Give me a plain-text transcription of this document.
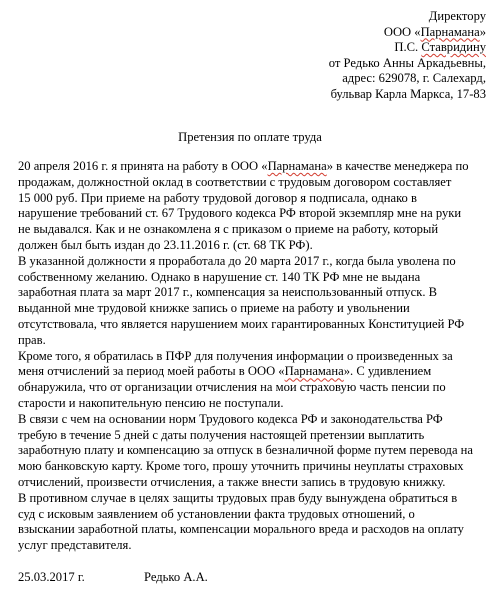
Директору
ООО «Парнамана»
П.С. Ставридину
от Редько Анны Аркадьевны,
адрес: 629078, г. Салехард,
бульвар Карла Маркса, 17-83
Претензия по оплате труда

20 апреля 2016 г. я принята на работу в ООО «Парнамана» в качестве менеджера по

продажам, должностной оклад в соответствии с трудовым договором составляет

15 000 руб. При приеме на работу трудовой договор я подписала, однако в

нарушение требований ст. 67 Трудового кодекса РФ второй экземпляр мне на руки

не выдавался. Как и не ознакомлена я с приказом о приеме на работу, который

должен был быть издан до 23.11.2016 г. (ст. 68 ТК РФ).

В указанной должности я проработала до 20 марта 2017 г., когда была уволена по

собственному желанию. Однако в нарушение ст. 140 ТК РФ мне не выдана

заработная плата за март 2017 г., компенсация за неиспользованный отпуск. В

выданной мне трудовой книжке запись о приеме на работу и увольнении

отсутствовала, что является нарушением моих гарантированных Конституцией РФ

прав.

Кроме того, я обратилась в ПФР для получения информации о произведенных за

меня отчислений за период моей работы в ООО «Парнамана». С удивлением

обнаружила, что от организации отчисления на мои страховую часть пенсии по

старости и накопительную пенсию не поступали.

В связи с чем на основании норм Трудового кодекса РФ и законодательства РФ

требую в течение 5 дней с даты получения настоящей претензии выплатить

заработную плату и компенсацию за отпуск в безналичной форме путем перевода на

мою банковскую карту. Кроме того, прошу уточнить причины неуплаты страховых

отчислений, произвести отчисления, а также внести запись в трудовую книжку.

В противном случае в целях защиты трудовых прав буду вынуждена обратиться в

суд с исковым заявлением об установлении факта трудовых отношений, о

взыскании заработной платы, компенсации морального вреда и расходов на оплату

услуг представителя.

25.03.2017 г.	Редько А.А.
